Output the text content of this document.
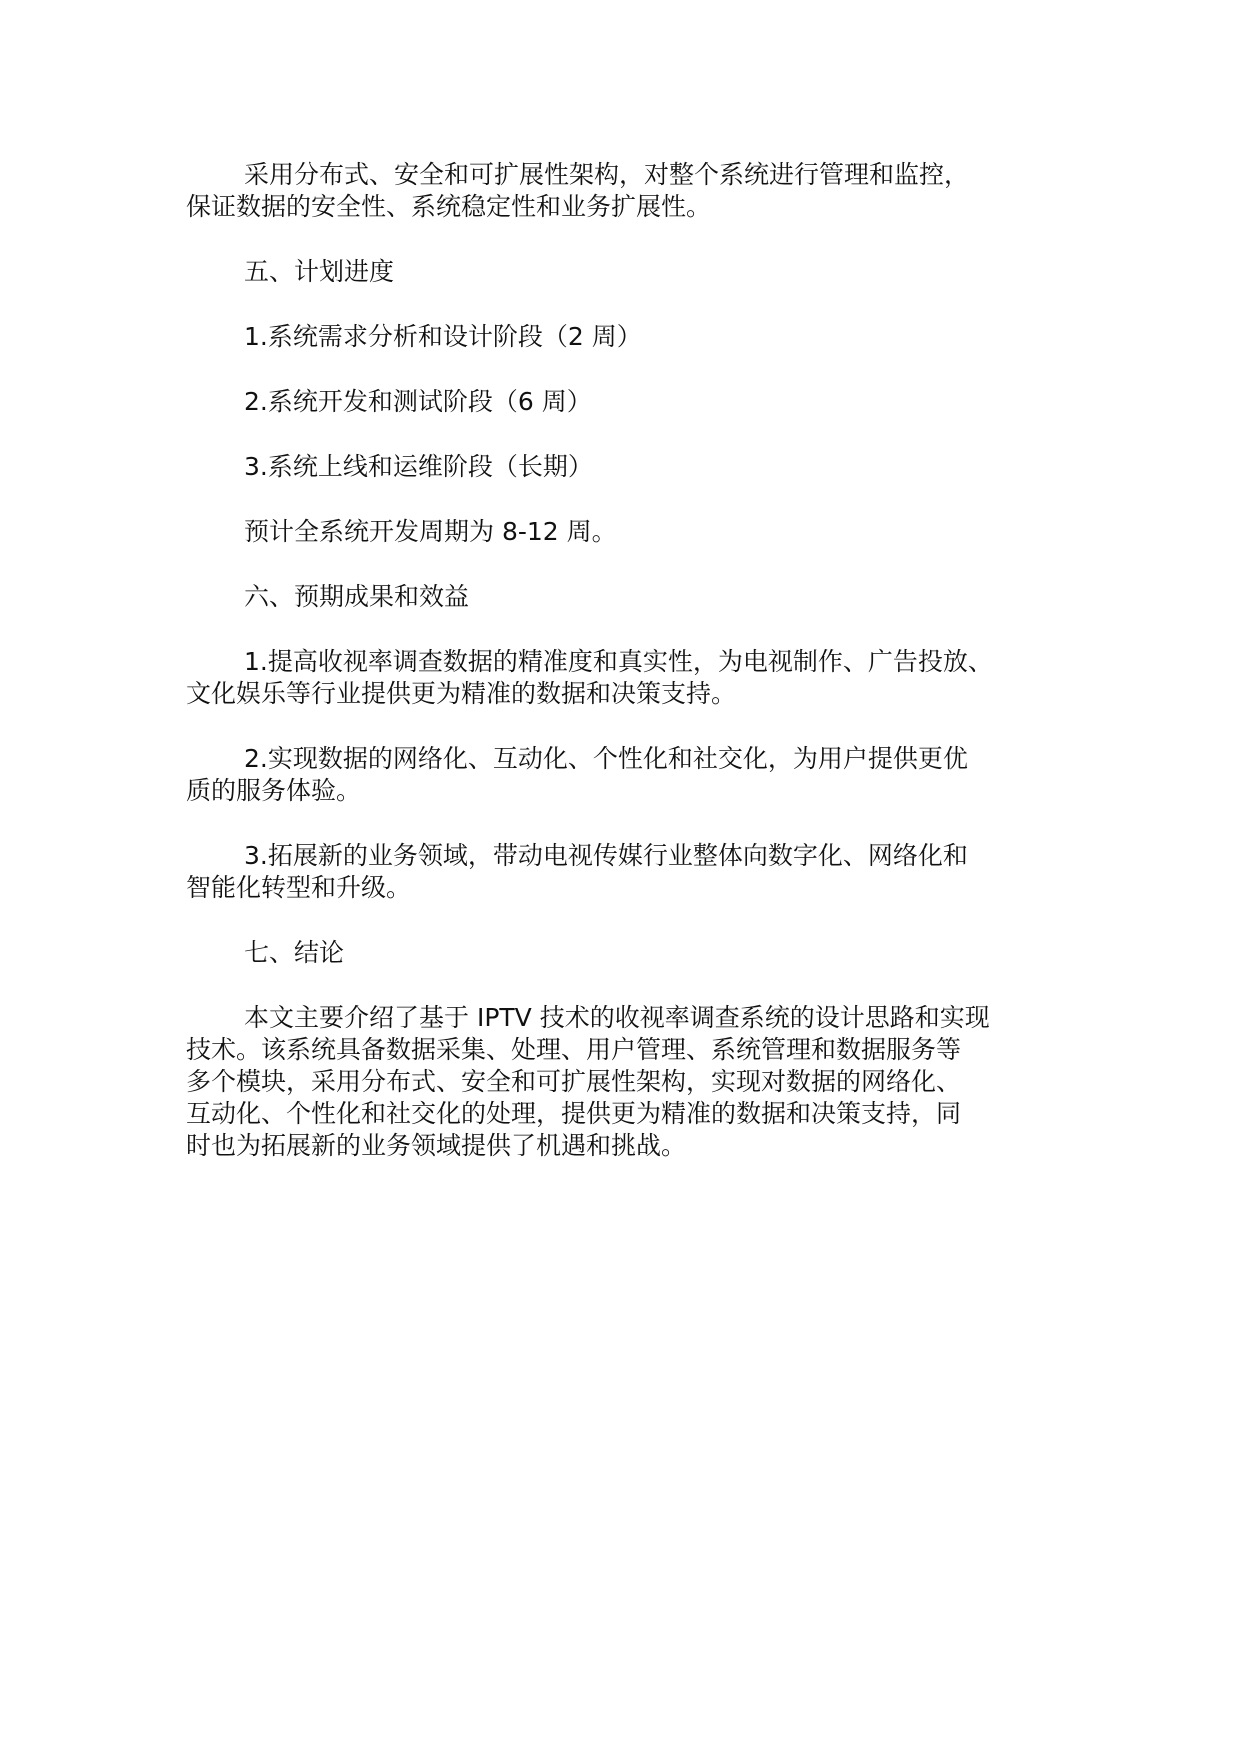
采用分布式、安全和可扩展性架构，对整个系统进行管理和监控，
保证数据的安全性、系统稳定性和业务扩展性。
五、计划进度
1.系统需求分析和设计阶段（2 周）
2.系统开发和测试阶段（6 周）
3.系统上线和运维阶段（长期）
预计全系统开发周期为 8-12 周。
六、预期成果和效益
1.提高收视率调查数据的精准度和真实性，为电视制作、广告投放、
文化娱乐等行业提供更为精准的数据和决策支持。
2.实现数据的网络化、互动化、个性化和社交化，为用户提供更优
质的服务体验。
3.拓展新的业务领域，带动电视传媒行业整体向数字化、网络化和
智能化转型和升级。
七、结论
本文主要介绍了基于 IPTV 技术的收视率调查系统的设计思路和实现
技术。该系统具备数据采集、处理、用户管理、系统管理和数据服务等
多个模块，采用分布式、安全和可扩展性架构，实现对数据的网络化、
互动化、个性化和社交化的处理，提供更为精准的数据和决策支持，同
时也为拓展新的业务领域提供了机遇和挑战。
